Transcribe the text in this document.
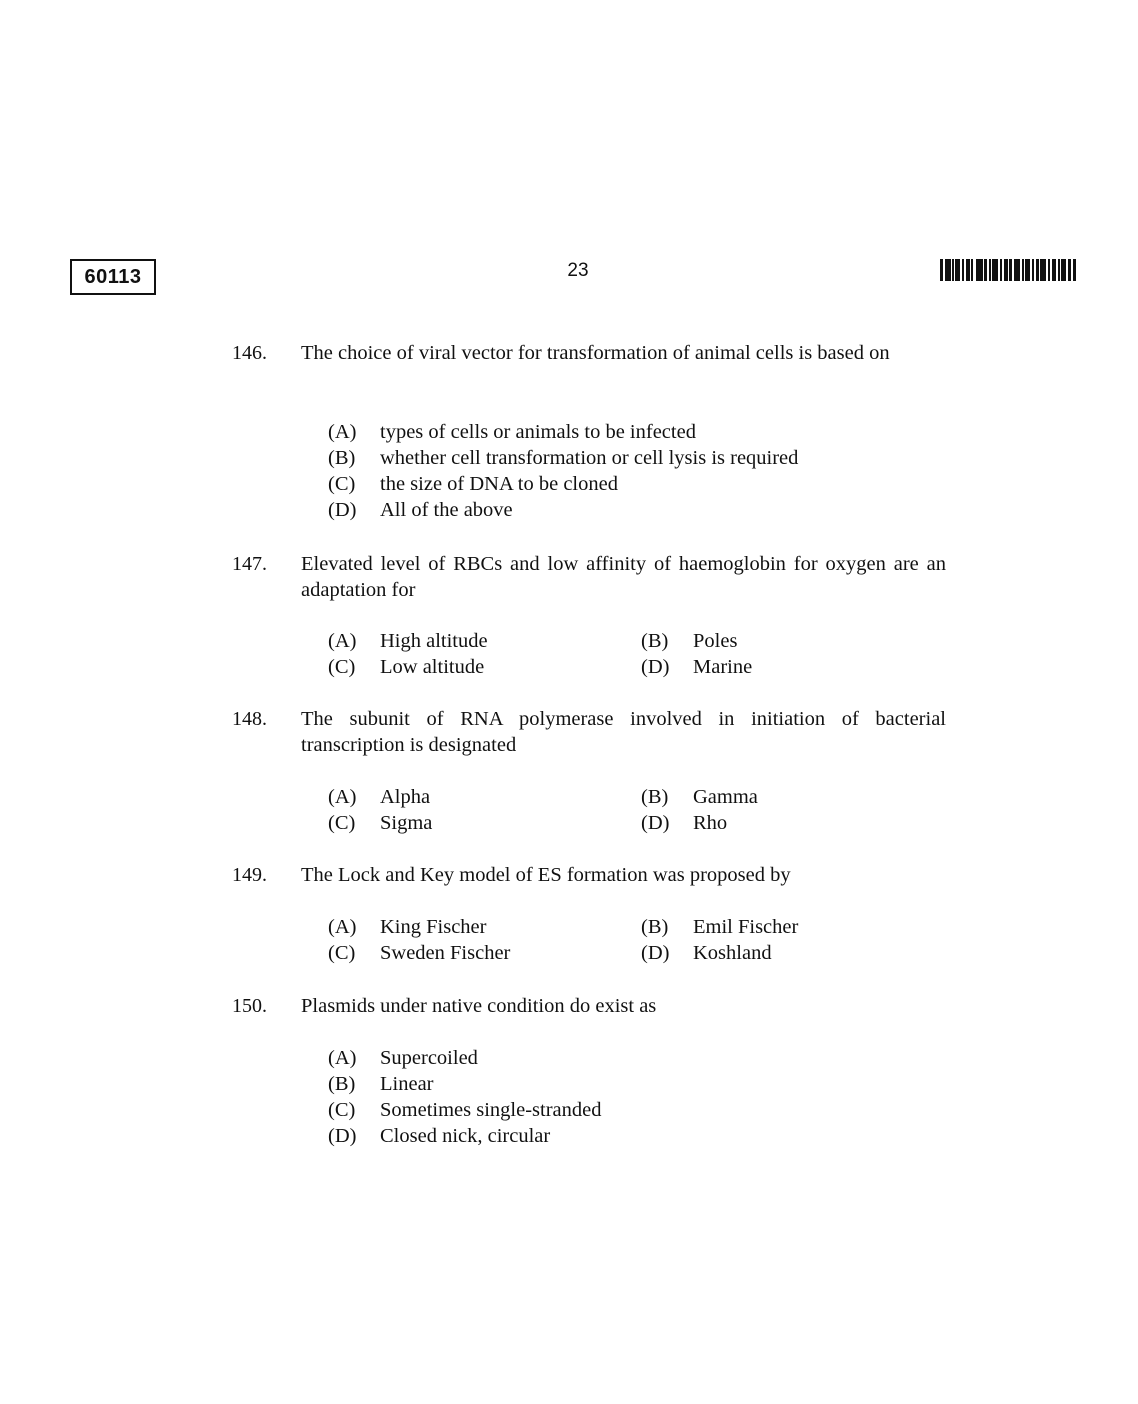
60113	23
146. The choice of viral vector for transformation of animal cells is based on
(A) types of cells or animals to be infected
(B) whether cell transformation or cell lysis is required
(C) the size of DNA to be cloned
(D) All of the above
147. Elevated level of RBCs and low affinity of haemoglobin for oxygen are an adaptation for
(A) High altitude	(B) Poles
(C) Low altitude	(D) Marine
148. The subunit of RNA polymerase involved in initiation of bacterial transcription is designated
(A) Alpha	(B) Gamma
(C) Sigma	(D) Rho
149. The Lock and Key model of ES formation was proposed by
(A) King Fischer	(B) Emil Fischer
(C) Sweden Fischer	(D) Koshland
150. Plasmids under native condition do exist as
(A) Supercoiled
(B) Linear
(C) Sometimes single-stranded
(D) Closed nick, circular
